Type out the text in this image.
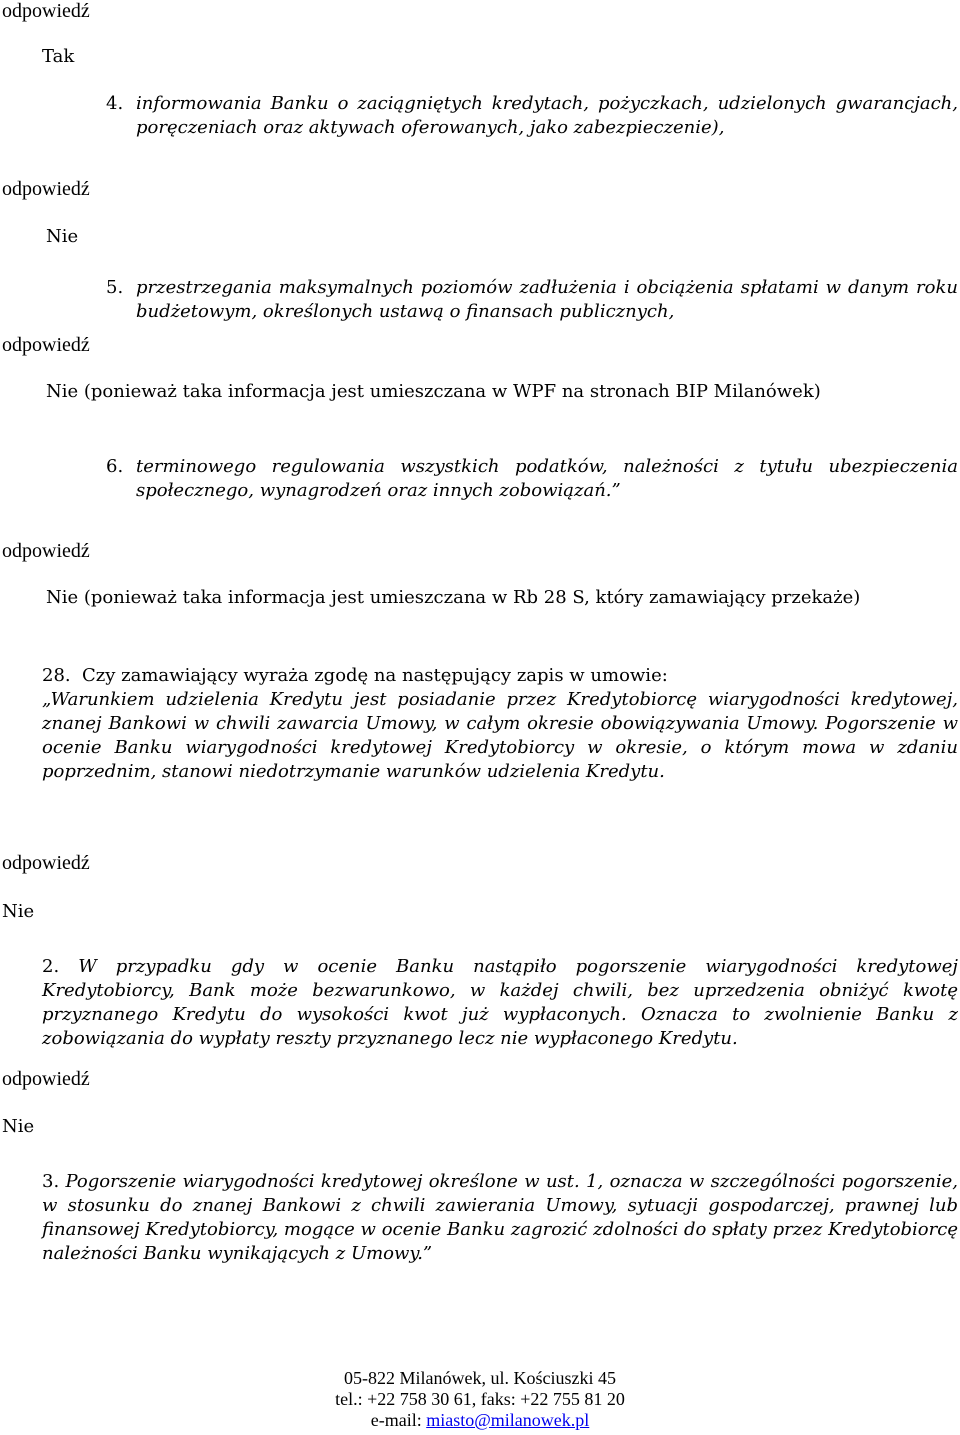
odpowiedź
Tak
4. informowania Banku o zaciągniętych kredytach, pożyczkach, udzielonych gwarancjach, poręczeniach oraz aktywach oferowanych, jako zabezpieczenie),
odpowiedź
Nie
5. przestrzegania maksymalnych poziomów zadłużenia i obciążenia spłatami w danym roku budżetowym, określonych ustawą o finansach publicznych,
odpowiedź
Nie (ponieważ taka informacja jest umieszczana w WPF na stronach BIP Milanówek)
6. terminowego regulowania wszystkich podatków, należności z tytułu ubezpieczenia społecznego, wynagrodzeń oraz innych zobowiązań.”
odpowiedź
Nie (ponieważ taka informacja jest umieszczana w Rb 28 S, który zamawiający przekaże)
28. Czy zamawiający wyraża zgodę na następujący zapis w umowie:
„Warunkiem udzielenia Kredytu jest posiadanie przez Kredytobiorcę wiarygodności kredytowej, znanej Bankowi w chwili zawarcia Umowy, w całym okresie obowiązywania Umowy. Pogorszenie w ocenie Banku wiarygodności kredytowej Kredytobiorcy w okresie, o którym mowa w zdaniu poprzednim, stanowi niedotrzymanie warunków udzielenia Kredytu.
odpowiedź
Nie
2. W przypadku gdy w ocenie Banku nastąpiło pogorszenie wiarygodności kredytowej Kredytobiorcy, Bank może bezwarunkowo, w każdej chwili, bez uprzedzenia obniżyć kwotę przyznanego Kredytu do wysokości kwot już wypłaconych. Oznacza to zwolnienie Banku z zobowiązania do wypłaty reszty przyznanego lecz nie wypłaconego Kredytu.
odpowiedź
Nie
3. Pogorszenie wiarygodności kredytowej określone w ust. 1, oznacza w szczególności pogorszenie, w stosunku do znanej Bankowi z chwili zawierania Umowy, sytuacji gospodarczej, prawnej lub finansowej Kredytobiorcy, mogące w ocenie Banku zagrozić zdolności do spłaty przez Kredytobiorcę należności Banku wynikających z Umowy.”
05-822 Milanówek, ul. Kościuszki 45
tel.: +22 758 30 61, faks: +22 755 81 20
e-mail: miasto@milanowek.pl
